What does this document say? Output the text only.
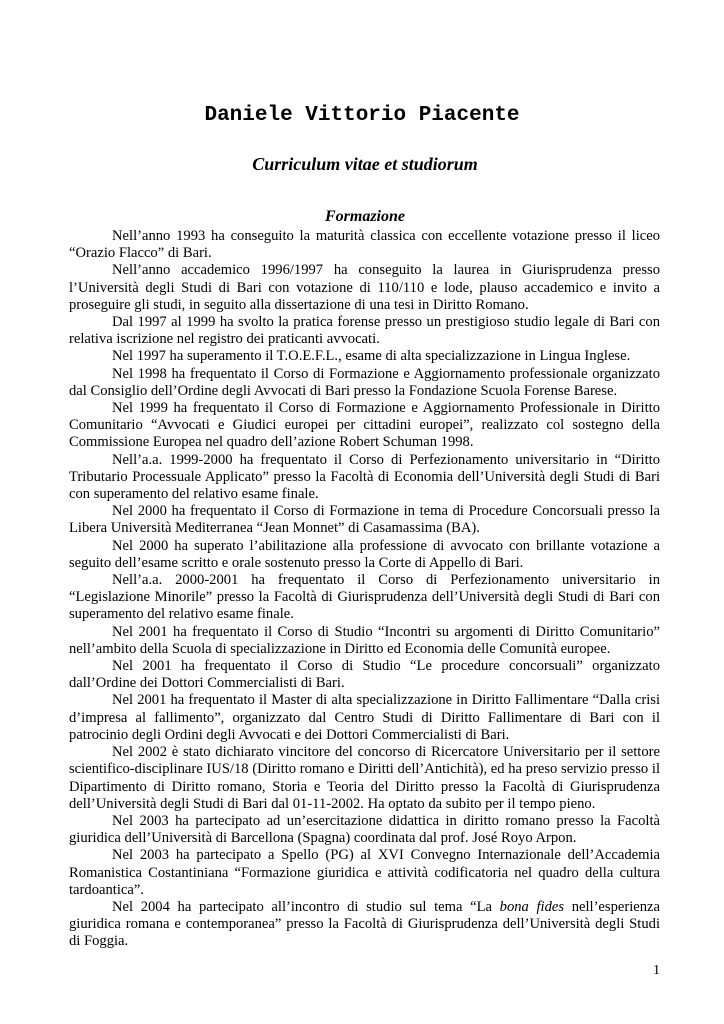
Daniele Vittorio Piacente
Curriculum vitae et studiorum
Formazione

Nell’anno 1993 ha conseguito la maturità classica con eccellente votazione presso il liceo “Orazio Flacco” di Bari.

Nell’anno accademico 1996/1997 ha conseguito la laurea in Giurisprudenza presso l’Università degli Studi di Bari con votazione di 110/110 e lode, plauso accademico e invito a proseguire gli studi, in seguito alla dissertazione di una tesi in Diritto Romano.

Dal 1997 al 1999 ha svolto la pratica forense presso un prestigioso studio legale di Bari con relativa iscrizione nel registro dei praticanti avvocati.

Nel 1997 ha superamento il T.O.E.F.L., esame di alta specializzazione in Lingua Inglese.

Nel 1998 ha frequentato il Corso di Formazione e Aggiornamento professionale organizzato dal Consiglio dell’Ordine degli Avvocati di Bari presso la Fondazione Scuola Forense Barese.

Nel 1999 ha frequentato il Corso di Formazione e Aggiornamento Professionale in Diritto Comunitario “Avvocati e Giudici europei per cittadini europei”, realizzato col sostegno della Commissione Europea nel quadro dell’azione Robert Schuman 1998.

Nell’a.a. 1999-2000 ha frequentato il Corso di Perfezionamento universitario in “Diritto Tributario Processuale Applicato” presso la Facoltà di Economia dell’Università degli Studi di Bari con superamento del relativo esame finale.

Nel 2000 ha frequentato il Corso di Formazione in tema di Procedure Concorsuali presso la Libera Università Mediterranea “Jean Monnet” di Casamassima (BA).

Nel 2000 ha superato l’abilitazione alla professione di avvocato con brillante votazione a seguito dell’esame scritto e orale sostenuto presso la Corte di Appello di Bari.

Nell’a.a. 2000-2001 ha frequentato il Corso di Perfezionamento universitario in “Legislazione Minorile” presso la Facoltà di Giurisprudenza dell’Università degli Studi di Bari con superamento del relativo esame finale.

Nel 2001 ha frequentato il Corso di Studio “Incontri su argomenti di Diritto Comunitario” nell’ambito della Scuola di specializzazione in Diritto ed Economia delle Comunità europee.

Nel 2001 ha frequentato il Corso di Studio “Le procedure concorsuali” organizzato dall’Ordine dei Dottori Commercialisti di Bari.

Nel 2001 ha frequentato il Master di alta specializzazione in Diritto Fallimentare “Dalla crisi d’impresa al fallimento”, organizzato dal Centro Studi di Diritto Fallimentare di Bari con il patrocinio degli Ordini degli Avvocati e dei Dottori Commercialisti di Bari.

Nel 2002 è stato dichiarato vincitore del concorso di Ricercatore Universitario per il settore scientifico-disciplinare IUS/18 (Diritto romano e Diritti dell’Antichità), ed ha preso servizio presso il Dipartimento di Diritto romano, Storia e Teoria del Diritto presso la Facoltà di Giurisprudenza dell’Università degli Studi di Bari dal 01-11-2002. Ha optato da subito per il tempo pieno.

Nel 2003 ha partecipato ad un’esercitazione didattica in diritto romano presso la Facoltà giuridica dell’Università di Barcellona (Spagna) coordinata dal prof. José Royo Arpon.

Nel 2003 ha partecipato a Spello (PG) al XVI Convegno Internazionale dell’Accademia Romanistica Costantiniana “Formazione giuridica e attività codificatoria nel quadro della cultura tardoantica”.

Nel 2004 ha partecipato all’incontro di studio sul tema “La bona fides nell’esperienza giuridica romana e contemporanea” presso la Facoltà di Giurisprudenza dell’Università degli Studi di Foggia.

1
